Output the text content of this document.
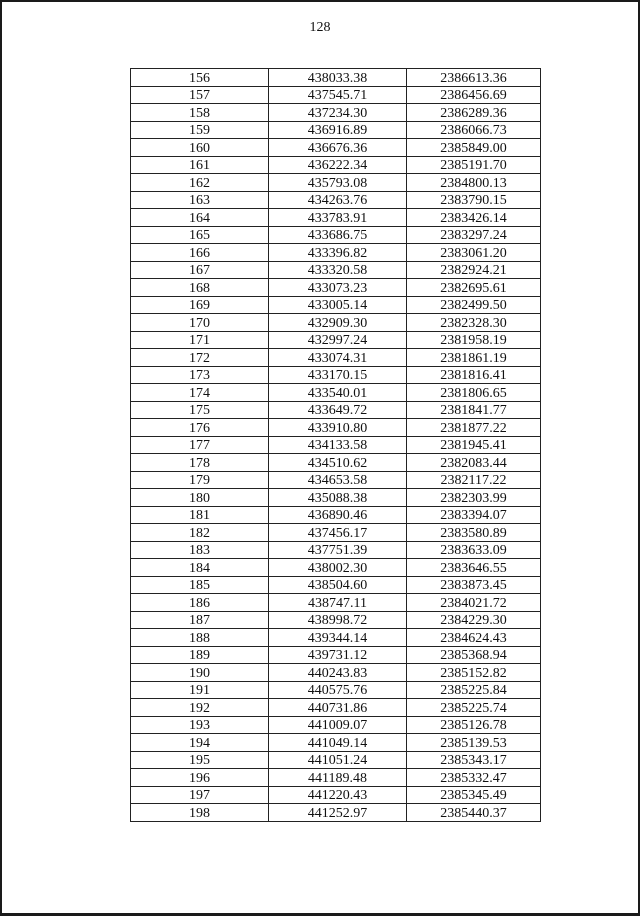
128
156	438033.38	2386613.36
157	437545.71	2386456.69
158	437234.30	2386289.36
159	436916.89	2386066.73
160	436676.36	2385849.00
161	436222.34	2385191.70
162	435793.08	2384800.13
163	434263.76	2383790.15
164	433783.91	2383426.14
165	433686.75	2383297.24
166	433396.82	2383061.20
167	433320.58	2382924.21
168	433073.23	2382695.61
169	433005.14	2382499.50
170	432909.30	2382328.30
171	432997.24	2381958.19
172	433074.31	2381861.19
173	433170.15	2381816.41
174	433540.01	2381806.65
175	433649.72	2381841.77
176	433910.80	2381877.22
177	434133.58	2381945.41
178	434510.62	2382083.44
179	434653.58	2382117.22
180	435088.38	2382303.99
181	436890.46	2383394.07
182	437456.17	2383580.89
183	437751.39	2383633.09
184	438002.30	2383646.55
185	438504.60	2383873.45
186	438747.11	2384021.72
187	438998.72	2384229.30
188	439344.14	2384624.43
189	439731.12	2385368.94
190	440243.83	2385152.82
191	440575.76	2385225.84
192	440731.86	2385225.74
193	441009.07	2385126.78
194	441049.14	2385139.53
195	441051.24	2385343.17
196	441189.48	2385332.47
197	441220.43	2385345.49
198	441252.97	2385440.37
